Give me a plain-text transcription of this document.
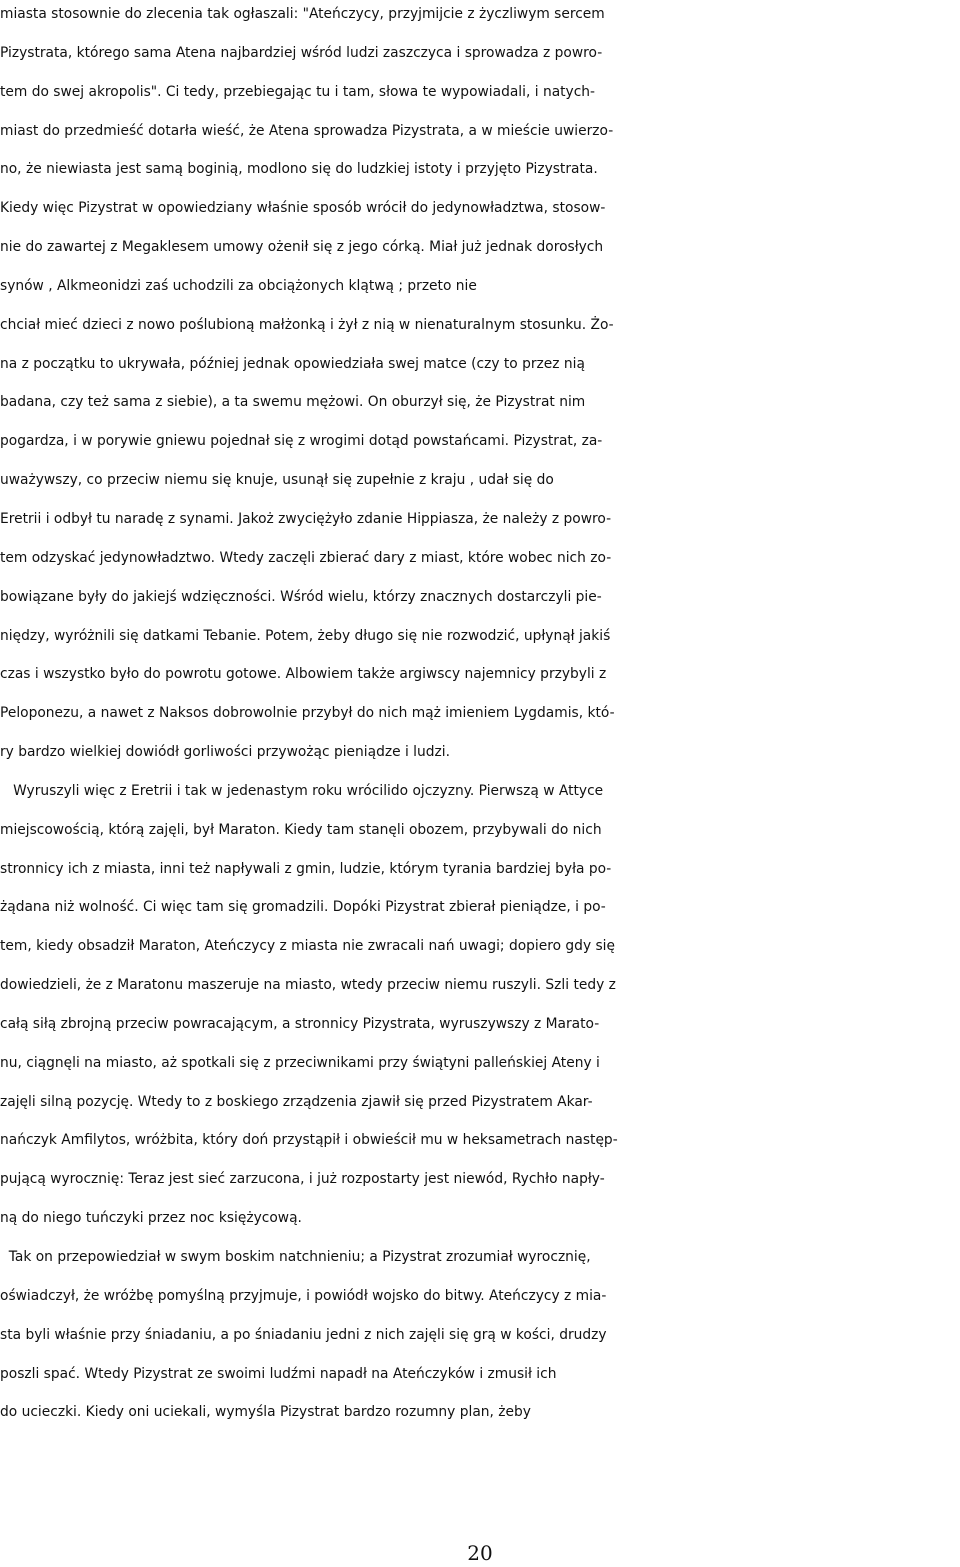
miasta stosownie do zlecenia tak ogłaszali: "Ateńczycy, przyjmijcie z życzliwym sercem
Pizystrata, którego sama Atena najbardziej wśród ludzi zaszczyca i sprowadza z powro-
tem do swej akropolis". Ci tedy, przebiegając tu i tam, słowa te wypowiadali, i natych-
miast do przedmieść dotarła wieść, że Atena sprowadza Pizystrata, a w mieście uwierzo-
no, że niewiasta jest samą boginią, modlono się do ludzkiej istoty i przyjęto Pizystrata.
Kiedy więc Pizystrat w opowiedziany właśnie sposób wrócił do jedynowładztwa, stosow-
nie do zawartej z Megaklesem umowy ożenił się z jego córką. Miał już jednak dorosłych
synów , Alkmeonidzi zaś uchodzili za obciążonych klątwą ; przeto nie
chciał mieć dzieci z nowo poślubioną małżonką i żył z nią w nienaturalnym stosunku. Żo-
na z początku to ukrywała, później jednak opowiedziała swej matce (czy to przez nią
badana, czy też sama z siebie), a ta swemu mężowi. On oburzył się, że Pizystrat nim
pogardza, i w porywie gniewu pojednał się z wrogimi dotąd powstańcami. Pizystrat, za-
uważywszy, co przeciw niemu się knuje, usunął się zupełnie z kraju , udał się do
Eretrii i odbył tu naradę z synami. Jakoż zwyciężyło zdanie Hippiasza, że należy z powro-
tem odzyskać jedynowładztwo. Wtedy zaczęli zbierać dary z miast, które wobec nich zo-
bowiązane były do jakiejś wdzięczności. Wśród wielu, którzy znacznych dostarczyli pie-
niędzy, wyróżnili się datkami Tebanie. Potem, żeby długo się nie rozwodzić, upłynął jakiś
czas i wszystko było do powrotu gotowe. Albowiem także argiwscy najemnicy przybyli z
Peloponezu, a nawet z Naksos dobrowolnie przybył do nich mąż imieniem Lygdamis, któ-
ry bardzo wielkiej dowiódł gorliwości przywożąc pieniądze i ludzi.
Wyruszyli więc z Eretrii i tak w jedenastym roku wrócilido ojczyzny. Pierwszą w Attyce
miejscowością, którą zajęli, był Maraton. Kiedy tam stanęli obozem, przybywali do nich
stronnicy ich z miasta, inni też napływali z gmin, ludzie, którym tyrania bardziej była po-
żądana niż wolność. Ci więc tam się gromadzili. Dopóki Pizystrat zbierał pieniądze, i po-
tem, kiedy obsadził Maraton, Ateńczycy z miasta nie zwracali nań uwagi; dopiero gdy się
dowiedzieli, że z Maratonu maszeruje na miasto, wtedy przeciw niemu ruszyli. Szli tedy z
całą siłą zbrojną przeciw powracającym, a stronnicy Pizystrata, wyruszywszy z Marato-
nu, ciągnęli na miasto, aż spotkali się z przeciwnikami przy świątyni palleńskiej Ateny i
zajęli silną pozycję. Wtedy to z boskiego zrządzenia zjawił się przed Pizystratem Akar-
nańczyk Amfilytos, wróżbita, który doń przystąpił i obwieścił mu w heksametrach następ-
pującą wyrocznię: Teraz jest sieć zarzucona, i już rozpostarty jest niewód, Rychło napły-
ną do niego tuńczyki przez noc księżycową.
Tak on przepowiedział w swym boskim natchnieniu; a Pizystrat zrozumiał wyrocznię,
oświadczył, że wróżbę pomyślną przyjmuje, i powiódł wojsko do bitwy. Ateńczycy z mia-
sta byli właśnie przy śniadaniu, a po śniadaniu jedni z nich zajęli się grą w kości, drudzy
poszli spać. Wtedy Pizystrat ze swoimi ludźmi napadł na Ateńczyków i zmusił ich
do ucieczki. Kiedy oni uciekali, wymyśla Pizystrat bardzo rozumny plan, żeby
20
